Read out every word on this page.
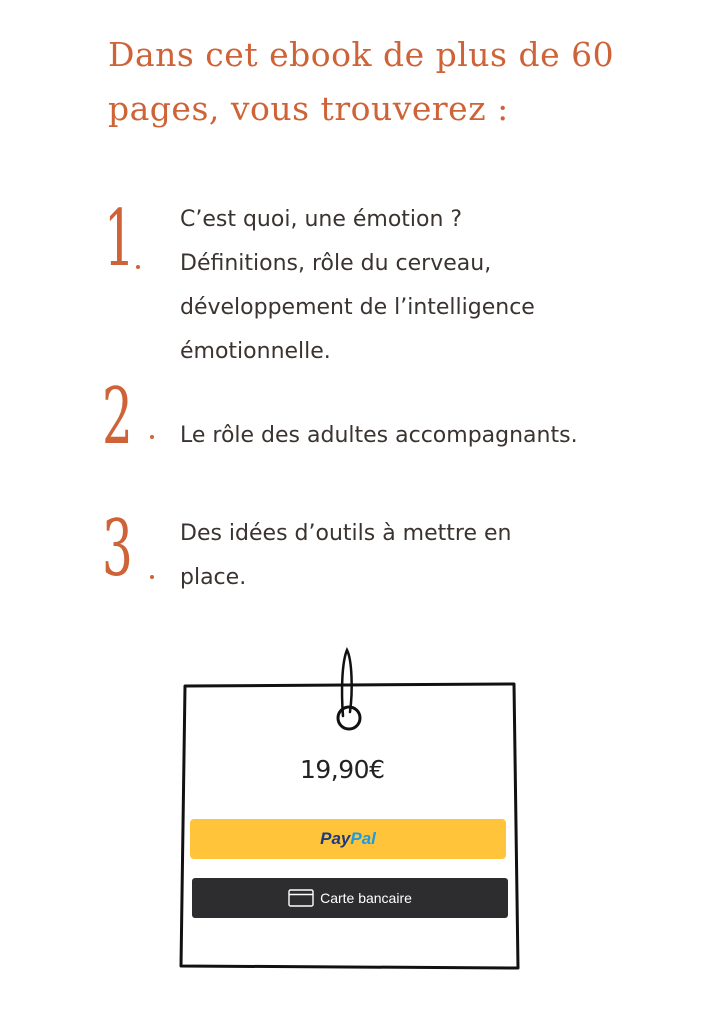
Dans cet ebook de plus de 60
pages, vous trouverez :
1 C’est quoi, une émotion ?
Définitions, rôle du cerveau,
développement de l’intelligence
émotionnelle.

2 Le rôle des adultes accompagnants.

3 Des idées d’outils à mettre en
place.

19,90€
PayPal
Carte bancaire
